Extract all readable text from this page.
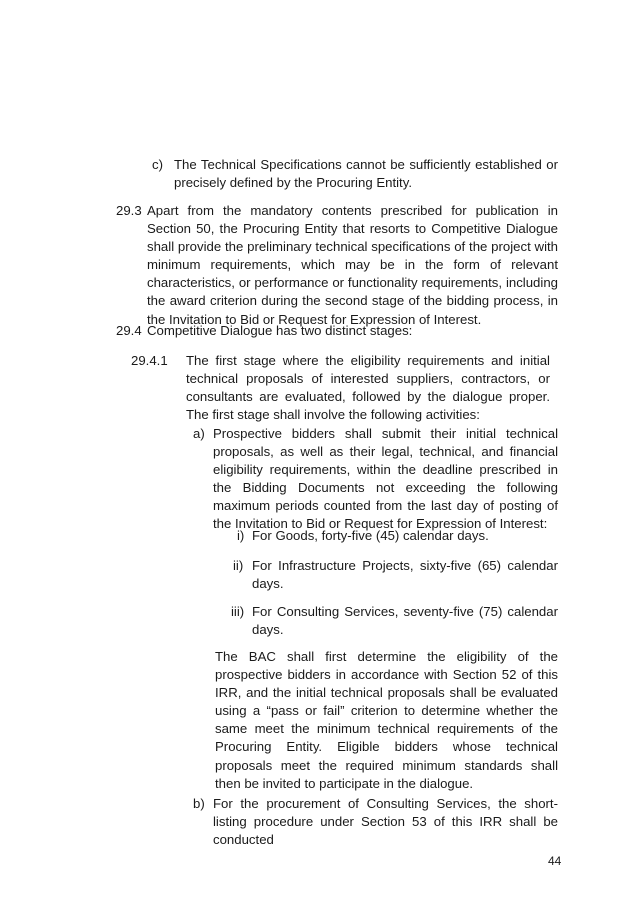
c) The Technical Specifications cannot be sufficiently established or precisely defined by the Procuring Entity.
29.3 Apart from the mandatory contents prescribed for publication in Section 50, the Procuring Entity that resorts to Competitive Dialogue shall provide the preliminary technical specifications of the project with minimum requirements, which may be in the form of relevant characteristics, or performance or functionality requirements, including the award criterion during the second stage of the bidding process, in the Invitation to Bid or Request for Expression of Interest.
29.4 Competitive Dialogue has two distinct stages:
29.4.1 The first stage where the eligibility requirements and initial technical proposals of interested suppliers, contractors, or consultants are evaluated, followed by the dialogue proper. The first stage shall involve the following activities:
a) Prospective bidders shall submit their initial technical proposals, as well as their legal, technical, and financial eligibility requirements, within the deadline prescribed in the Bidding Documents not exceeding the following maximum periods counted from the last day of posting of the Invitation to Bid or Request for Expression of Interest:
i) For Goods, forty-five (45) calendar days.
ii) For Infrastructure Projects, sixty-five (65) calendar days.
iii) For Consulting Services, seventy-five (75) calendar days.
The BAC shall first determine the eligibility of the prospective bidders in accordance with Section 52 of this IRR, and the initial technical proposals shall be evaluated using a “pass or fail” criterion to determine whether the same meet the minimum technical requirements of the Procuring Entity. Eligible bidders whose technical proposals meet the required minimum standards shall then be invited to participate in the dialogue.
b) For the procurement of Consulting Services, the short-listing procedure under Section 53 of this IRR shall be conducted
44
